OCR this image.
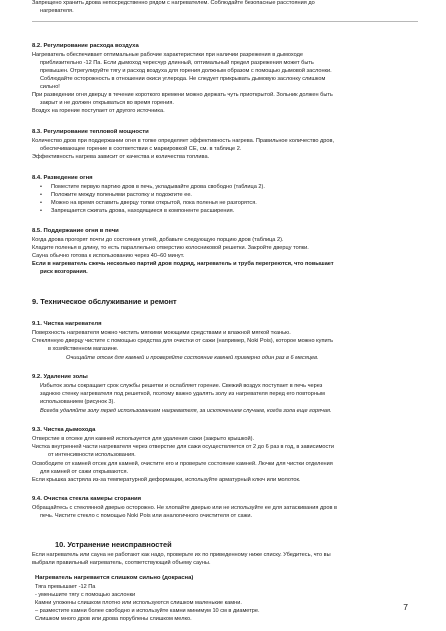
Запрещено хранить дрова непосредственно рядом с нагревателем. Соблюдайте безопасные расстояния до
нагревателя.
8.2. Регулирование расхода воздуха
Нагреватель обеспечивает оптимальные рабочие характеристики при наличии разрежения в дымоходе
приблизительно -12 Па. Если дымоход чересчур длинный, оптимальный предел разрежения может быть
превышен. Отрегулируйте тягу и расход воздуха для горения должным образом с помощью дымовой заслонки.
Соблюдайте осторожность в отношении окиси углерода. Не следует прикрывать дымовую заслонку слишком
сильно!
При разведении огня дверцу в течение короткого времени можно держать чуть приоткрытой. Зольник должен быть
закрыт и не должен открываться во время горения.
Воздух на горение поступает от другого источника.
8.3. Регулирование тепловой мощности
Количество дров при поддержании огня в топке определяет эффективность нагрева. Правильное количество дров,
обеспечивающее горение в соответствии с маркировкой CE, см. в таблице 2.
Эффективность нагрева зависит от качества и количества топлива.
8.4. Разведение огня
• Поместите первую партию дров в печь, укладывайте дрова свободно (таблица 2).
• Положите между поленьями растопку и подожгите ее.
• Можно на время оставить дверцу топки открытой, пока поленья не разгорятся.
• Запрещается сжигать дрова, находящиеся в компоненте расширения.
8.5. Поддержание огня в печи
Когда дрова прогорят почти до состояния углей, добавьте следующую порцию дров (таблица 2).
Кладите поленья в длину, то есть параллельно отверстию колосниковой решетки. Закройте дверцу топки.
Сауна обычно готова к использованию через 40–60 минут.
Если в нагреватель сжечь несколько партий дров подряд, нагреватель и труба перегреются, что повышает
риск возгорания.
9. Техническое обслуживание и ремонт
9.1. Чистка нагревателя
Поверхность нагревателя можно чистить мягкими моющими средствами и влажной мягкой тканью.
Стеклянную дверцу чистите с помощью средства для очистки от сажи (например, Noki Pois), которое можно купить
в хозяйственном магазине.
Очищайте отсек для камней и проверяйте состояние камней примерно один раз в 6 месяцев.
9.2. Удаление золы
Избыток золы сокращает срок службы решетки и ослабляет горение. Свежий воздух поступает в печь через
заднюю стенку нагревателя под решеткой, поэтому важно удалять золу из нагревателя перед его повторным
использованием (рисунок 3).
Всегда удаляйте золу перед использованием нагревателя, за исключением случаев, когда зола еще горячая.
9.3. Чистка дымохода
Отверстие в отсеке для камней используется для удаления сажи (закрыто крышкой).
Чистка внутренней части нагревателя через отверстие для сажи осуществляется от 2 до 6 раз в год, в зависимости
от интенсивности использования.
Освободите от камней отсек для камней, очистите его и проверьте состояние камней. Лючки для чистки отделения
для камней от сажи открываются.
Если крышка застряла из-за температурной деформации, используйте арматурный ключ или молоток.
9.4. Очистка стекла камеры сгорания
Обращайтесь с стеклянной дверью осторожно. Не хлопайте дверью или не используйте ее для затаскивания дров в
печь. Чистите стекло с помощью Noki Pois или аналогичного очистителя от сажи.
10. Устранение неисправностей
Если нагреватель или сауна не работают как надо, проверьте их по приведенному ниже списку. Убедитесь, что вы
выбрали правильный нагреватель, соответствующий объему сауны.
Нагреватель нагревается слишком сильно (докрасна)
Тяга превышает -12 Па
- уменьшите тягу с помощью заслонки
Камни уложены слишком плотно или используются слишком маленькие камни.
– разместите камни более свободно и используйте камни минимум 10 см в диаметре.
Слишком много дров или дрова порублены слишком мелко.
7
